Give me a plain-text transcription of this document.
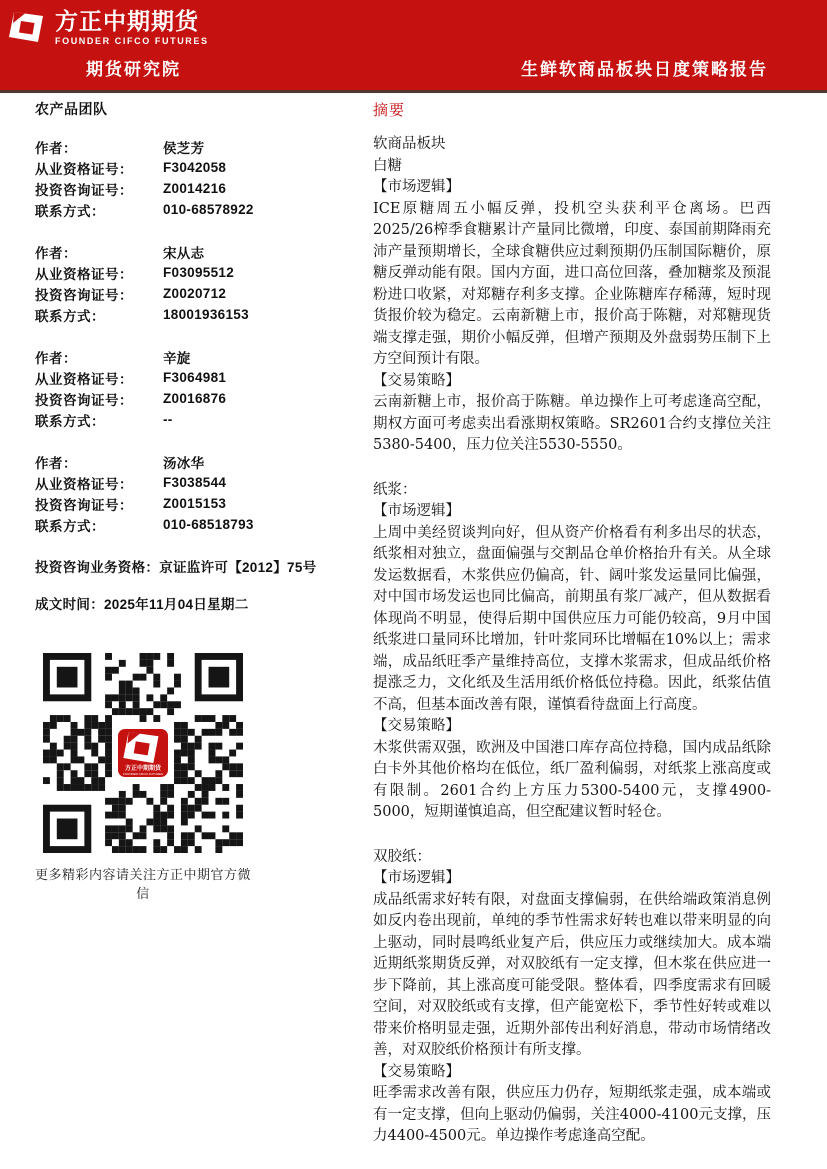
方正中期期货
FOUNDER CIFCO FUTURES
期货研究院	生鲜软商品板块日度策略报告
农产品团队
作者：	侯芝芳
从业资格证号：	F3042058
投资咨询证号：	Z0014216
联系方式：	010-68578922
作者：	宋从志
从业资格证号：	F03095512
投资咨询证号：	Z0020712
联系方式：	18001936153
作者：	辛旋
从业资格证号：	F3064981
投资咨询证号：	Z0016876
联系方式：	--
作者：	汤冰华
从业资格证号：	F3038544
投资咨询证号：	Z0015153
联系方式：	010-68518793
投资咨询业务资格：京证监许可【2012】75号
成文时间：2025年11月04日星期二
方正中期期货
FOUNDER CIFCO FUTURES
更多精彩内容请关注方正中期官方微信
摘要
软商品板块
白糖
【市场逻辑】

ICE原糖周五小幅反弹，投机空头获利平仓离场。巴西2025/26榨季食糖累计产量同比微增，印度、泰国前期降雨充沛产量预期增长，全球食糖供应过剩预期仍压制国际糖价，原糖反弹动能有限。国内方面，进口高位回落，叠加糖浆及预混粉进口收紧，对郑糖存利多支撑。企业陈糖库存稀薄，短时现货报价较为稳定。云南新糖上市，报价高于陈糖，对郑糖现货端支撑走强，期价小幅反弹，但增产预期及外盘弱势压制下上方空间预计有限。

【交易策略】

云南新糖上市，报价高于陈糖。单边操作上可考虑逢高空配，期权方面可考虑卖出看涨期权策略。SR2601合约支撑位关注5380-5400，压力位关注5530-5550。

纸浆：
【市场逻辑】

上周中美经贸谈判向好，但从资产价格看有利多出尽的状态，纸浆相对独立，盘面偏强与交割品仓单价格抬升有关。从全球发运数据看，木浆供应仍偏高，针、阔叶浆发运量同比偏强，对中国市场发运也同比偏高，前期虽有浆厂减产，但从数据看体现尚不明显，使得后期中国供应压力可能仍较高，9月中国纸浆进口量同环比增加，针叶浆同环比增幅在10%以上；需求端，成品纸旺季产量维持高位，支撑木浆需求，但成品纸价格提涨乏力，文化纸及生活用纸价格低位持稳。因此，纸浆估值不高，但基本面改善有限，谨慎看待盘面上行高度。

【交易策略】

木浆供需双强，欧洲及中国港口库存高位持稳，国内成品纸除白卡外其他价格均在低位，纸厂盈利偏弱，对纸浆上涨高度或有限制。2601合约上方压力5300-5400元，支撑4900-5000，短期谨慎追高，但空配建议暂时轻仓。

双胶纸：
【市场逻辑】

成品纸需求好转有限，对盘面支撑偏弱，在供给端政策消息例如反内卷出现前，单纯的季节性需求好转也难以带来明显的向上驱动，同时晨鸣纸业复产后，供应压力或继续加大。成本端近期纸浆期货反弹，对双胶纸有一定支撑，但木浆在供应进一步下降前，其上涨高度可能受限。整体看，四季度需求有回暖空间，对双胶纸或有支撑，但产能宽松下，季节性好转或难以带来价格明显走强，近期外部传出利好消息，带动市场情绪改善，对双胶纸价格预计有所支撑。

【交易策略】

旺季需求改善有限，供应压力仍存，短期纸浆走强，成本端或有一定支撑，但向上驱动仍偏弱，关注4000-4100元支撑，压力4400-4500元。单边操作考虑逢高空配。
